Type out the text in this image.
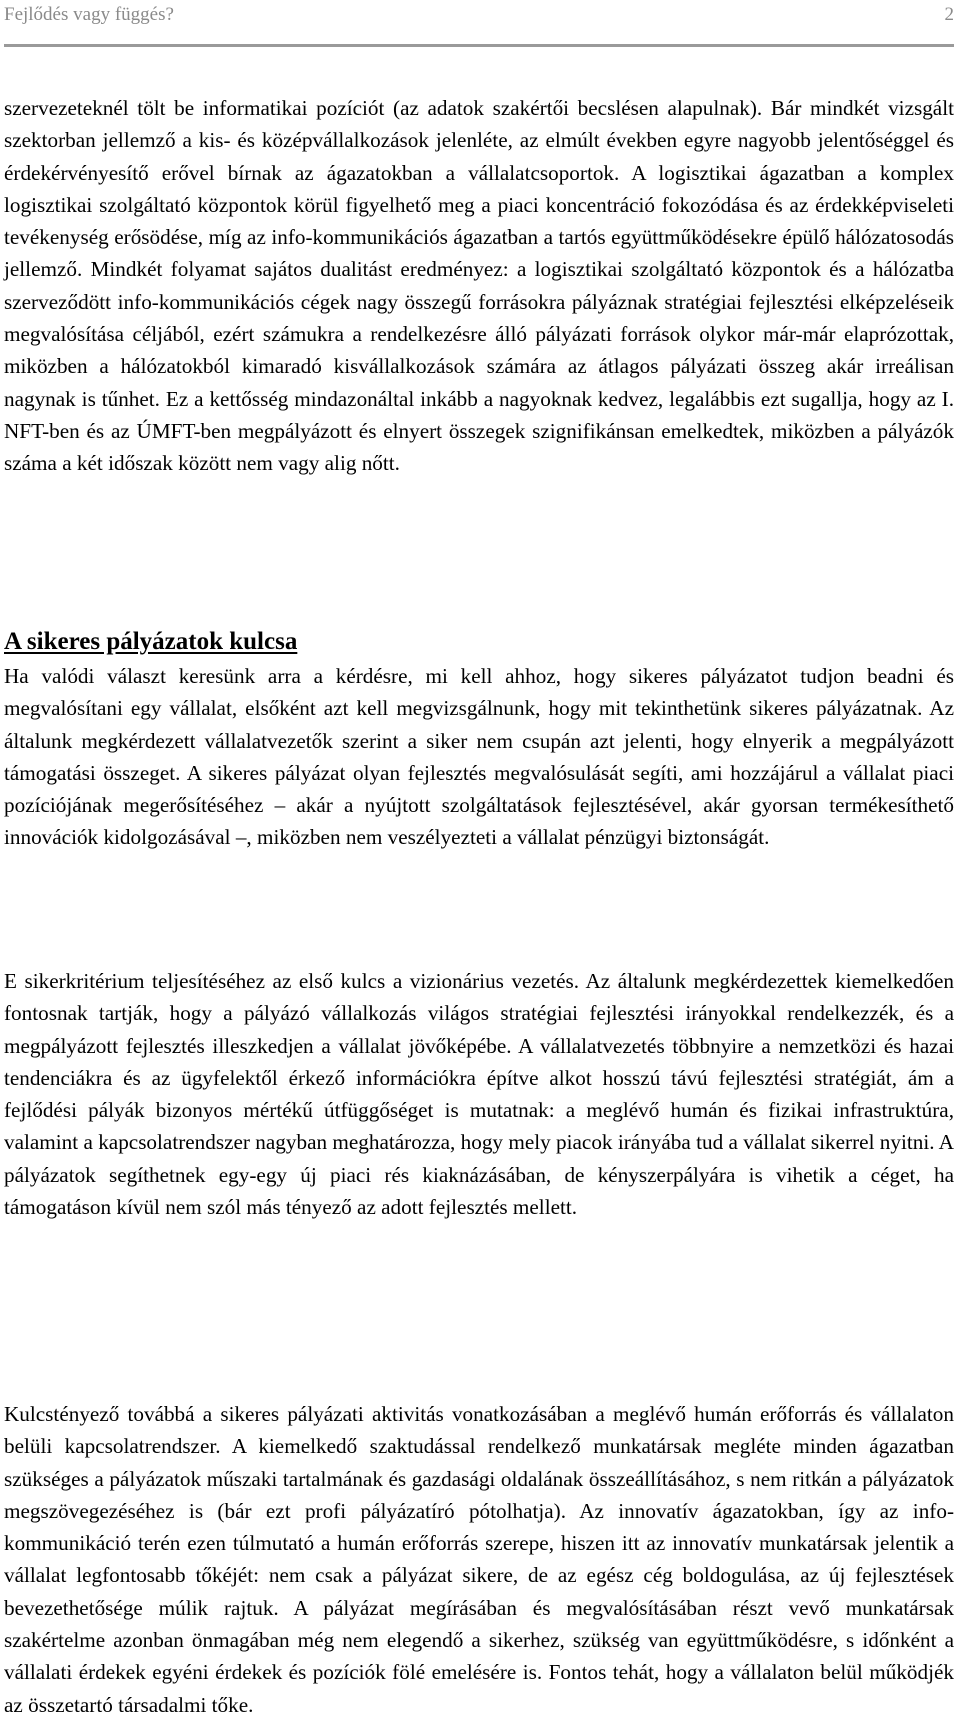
Fejlődés vagy függés?	2

szervezeteknél tölt be informatikai pozíciót (az adatok szakértői becslésen alapulnak). Bár mindkét vizsgált szektorban jellemző a kis- és középvállalkozások jelenléte, az elmúlt években egyre nagyobb jelentőséggel és érdekérvényesítő erővel bírnak az ágazatokban a vállalatcsoportok. A logisztikai ágazatban a komplex logisztikai szolgáltató központok körül figyelhető meg a piaci koncentráció fokozódása és az érdekképviseleti tevékenység erősödése, míg az info-kommunikációs ágazatban a tartós együttműködésekre épülő hálózatosodás jellemző. Mindkét folyamat sajátos dualitást eredményez: a logisztikai szolgáltató központok és a hálózatba szerveződött info-kommunikációs cégek nagy összegű forrásokra pályáznak stratégiai fejlesztési elképzeléseik megvalósítása céljából, ezért számukra a rendelkezésre álló pályázati források olykor már-már elaprózottak, miközben a hálózatokból kimaradó kisvállalkozások számára az átlagos pályázati összeg akár irreálisan nagynak is tűnhet. Ez a kettősség mindazonáltal inkább a nagyoknak kedvez, legalábbis ezt sugallja, hogy az I. NFT-ben és az ÚMFT-ben megpályázott és elnyert összegek szignifikánsan emelkedtek, miközben a pályázók száma a két időszak között nem vagy alig nőtt.

A sikeres pályázatok kulcsa

Ha valódi választ keresünk arra a kérdésre, mi kell ahhoz, hogy sikeres pályázatot tudjon beadni és megvalósítani egy vállalat, elsőként azt kell megvizsgálnunk, hogy mit tekinthetünk sikeres pályázatnak. Az általunk megkérdezett vállalatvezetők szerint a siker nem csupán azt jelenti, hogy elnyerik a megpályázott támogatási összeget. A sikeres pályázat olyan fejlesztés megvalósulását segíti, ami hozzájárul a vállalat piaci pozíciójának megerősítéséhez – akár a nyújtott szolgáltatások fejlesztésével, akár gyorsan termékesíthető innovációk kidolgozásával –, miközben nem veszélyezteti a vállalat pénzügyi biztonságát.

E sikerkritérium teljesítéséhez az első kulcs a vizionárius vezetés. Az általunk megkérdezettek kiemelkedően fontosnak tartják, hogy a pályázó vállalkozás világos stratégiai fejlesztési irányokkal rendelkezzék, és a megpályázott fejlesztés illeszkedjen a vállalat jövőképébe. A vállalatvezetés többnyire a nemzetközi és hazai tendenciákra és az ügyfelektől érkező információkra építve alkot hosszú távú fejlesztési stratégiát, ám a fejlődési pályák bizonyos mértékű útfüggőséget is mutatnak: a meglévő humán és fizikai infrastruktúra, valamint a kapcsolatrendszer nagyban meghatározza, hogy mely piacok irányába tud a vállalat sikerrel nyitni. A pályázatok segíthetnek egy-egy új piaci rés kiaknázásában, de kényszerpályára is vihetik a céget, ha támogatáson kívül nem szól más tényező az adott fejlesztés mellett.

Kulcstényező továbbá a sikeres pályázati aktivitás vonatkozásában a meglévő humán erőforrás és vállalaton belüli kapcsolatrendszer. A kiemelkedő szaktudással rendelkező munkatársak megléte minden ágazatban szükséges a pályázatok műszaki tartalmának és gazdasági oldalának összeállításához, s nem ritkán a pályázatok megszövegezéséhez is (bár ezt profi pályázatíró pótolhatja). Az innovatív ágazatokban, így az info-kommunikáció terén ezen túlmutató a humán erőforrás szerepe, hiszen itt az innovatív munkatársak jelentik a vállalat legfontosabb tőkéjét: nem csak a pályázat sikere, de az egész cég boldogulása, az új fejlesztések bevezethetősége múlik rajtuk. A pályázat megírásában és megvalósításában részt vevő munkatársak szakértelme azonban önmagában még nem elegendő a sikerhez, szükség van együttműködésre, s időnként a vállalati érdekek egyéni érdekek és pozíciók fölé emelésére is. Fontos tehát, hogy a vállalaton belül működjék az összetartó társadalmi tőke.
